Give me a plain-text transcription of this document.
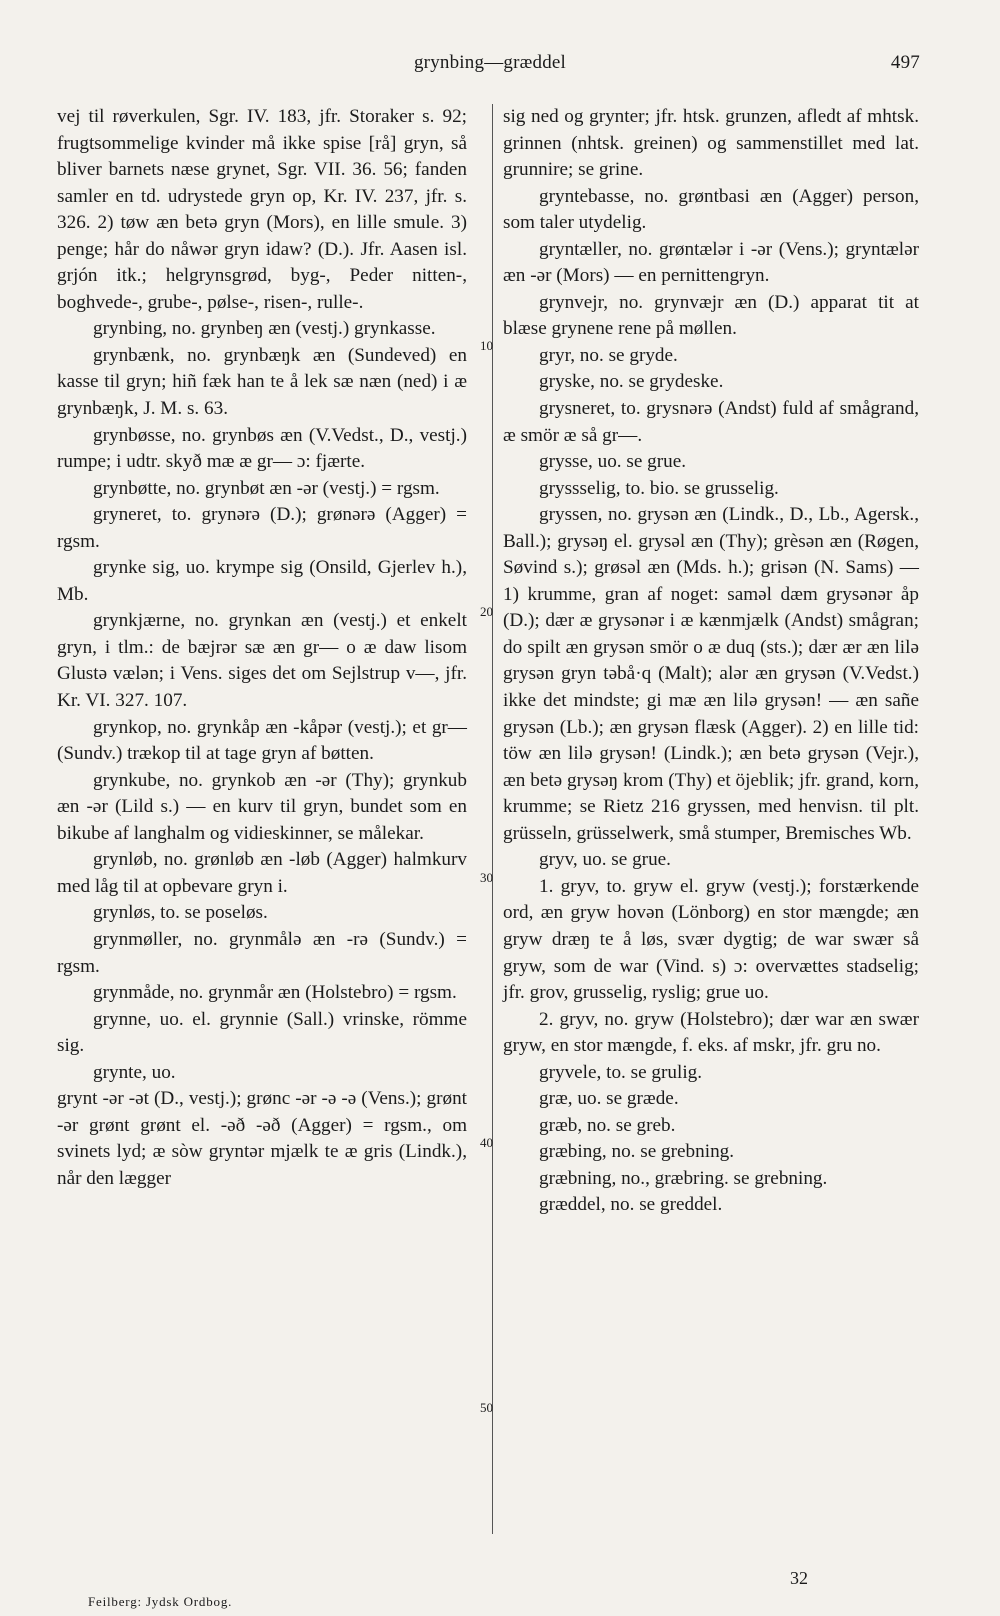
grynbing—græddel	497
10
20
30
40
50

vej til røverkulen, Sgr. IV. 183, jfr. Storaker s. 92; frugtsommelige kvinder må ikke spise [rå] gryn, så bliver barnets næse grynet, Sgr. VII. 36. 56; fanden samler en td. udrystede gryn op, Kr. IV. 237, jfr. s. 326. 2) tøw æn betə gryn (Mors), en lille smule. 3) penge; hår do nåwər gryn idaw? (D.). Jfr. Aasen isl. grjón itk.; helgrynsgrød, byg-, Peder nitten-, boghvede-, grube-, pølse-, risen-, rulle-.

grynbing, no. grynbeŋ æn (vestj.) grynkasse.

grynbænk, no. grynbæŋk æn (Sundeved) en kasse til gryn; hiñ fæk han te å lek sæ næn (ned) i æ grynbæŋk, J. M. s. 63.

grynbøsse, no. grynbøs æn (V.Vedst., D., vestj.) rumpe; i udtr. skyð mæ æ gr— ɔ: fjærte.

grynbøtte, no. grynbøt æn -ər (vestj.) = rgsm.

gryneret, to. grynərə (D.); grønərə (Agger) = rgsm.

grynke sig, uo. krympe sig (Onsild, Gjerlev h.), Mb.

grynkjærne, no. grynkan æn (vestj.) et enkelt gryn, i tlm.: de bæjrər sæ æn gr— o æ daw lisom Glustə vælən; i Vens. siges det om Sejlstrup v—, jfr. Kr. VI. 327. 107.

grynkop, no. grynkåp æn -kåpər (vestj.); et gr— (Sundv.) trækop til at tage gryn af bøtten.

grynkube, no. grynkob æn -ər (Thy); grynkub æn -ər (Lild s.) — en kurv til gryn, bundet som en bikube af langhalm og vidieskinner, se målekar.

grynløb, no. grønløb æn -løb (Agger) halmkurv med låg til at opbevare gryn i.

grynløs, to. se poseløs.

grynmøller, no. grynmålə æn -rə (Sundv.) = rgsm.

grynmåde, no. grynmår æn (Holstebro) = rgsm.

grynne, uo. el. grynnie (Sall.) vrinske, römme sig.

grynte, uo.

grynt -ər -ət (D., vestj.); grønc -ər -ə -ə (Vens.); grønt -ər grønt grønt el. -əð -əð (Agger) = rgsm., om svinets lyd; æ sòw gryntər mjælk te æ gris (Lindk.), når den lægger

sig ned og grynter; jfr. htsk. grunzen, afledt af mhtsk. grinnen (nhtsk. greinen) og sammenstillet med lat. grunnire; se grine.

gryntebasse, no. grøntbasi æn (Agger) person, som taler utydelig.

gryntæller, no. grøntælər i -ər (Vens.); gryntælər æn -ər (Mors) — en pernittengryn.

grynvejr, no. grynvæjr æn (D.) apparat tit at blæse grynene rene på møllen.

gryr, no. se gryde.

gryske, no. se grydeske.

grysneret, to. grysnərə (Andst) fuld af smågrand, æ smör æ så gr—.

grysse, uo. se grue.

gryssselig, to. bio. se grusselig.

gryssen, no. grysən æn (Lindk., D., Lb., Agersk., Ball.); grysəŋ el. grysəl æn (Thy); grèsən æn (Røgen, Søvind s.); grøsəl æn (Mds. h.); grisən (N. Sams) — 1) krumme, gran af noget: saməl dæm grysənər åp (D.); dær æ grysənər i æ kænmjælk (Andst) smågran; do spilt æn grysən smör o æ duq (sts.); dær ær æn lilə grysən gryn təbå·q (Malt); alər æn grysən (V.Vedst.) ikke det mindste; gi mæ æn lilə grysən! — æn sañe grysən (Lb.); æn grysən flæsk (Agger). 2) en lille tid: töw æn lilə grysən! (Lindk.); æn betə grysən (Vejr.), æn betə grysəŋ krom (Thy) et öjeblik; jfr. grand, korn, krumme; se Rietz 216 gryssen, med henvisn. til plt. grüsseln, grüsselwerk, små stumper, Bremisches Wb.

gryv, uo. se grue.

1. gryv, to. gryw el. gryw (vestj.); forstærkende ord, æn gryw hovən (Lönborg) en stor mængde; æn gryw dræŋ te å løs, svær dygtig; de war swær så gryw, som de war (Vind. s) ɔ: overvættes stadselig; jfr. grov, grusselig, ryslig; grue uo.

2. gryv, no. gryw (Holstebro); dær war æn swær gryw, en stor mængde, f. eks. af mskr, jfr. gru no.

gryvele, to. se grulig.

græ, uo. se græde.

græb, no. se greb.

græbing, no. se grebning.

græbning, no., græbring. se grebning.

græddel, no. se greddel.

32
Feilberg: Jydsk Ordbog.
